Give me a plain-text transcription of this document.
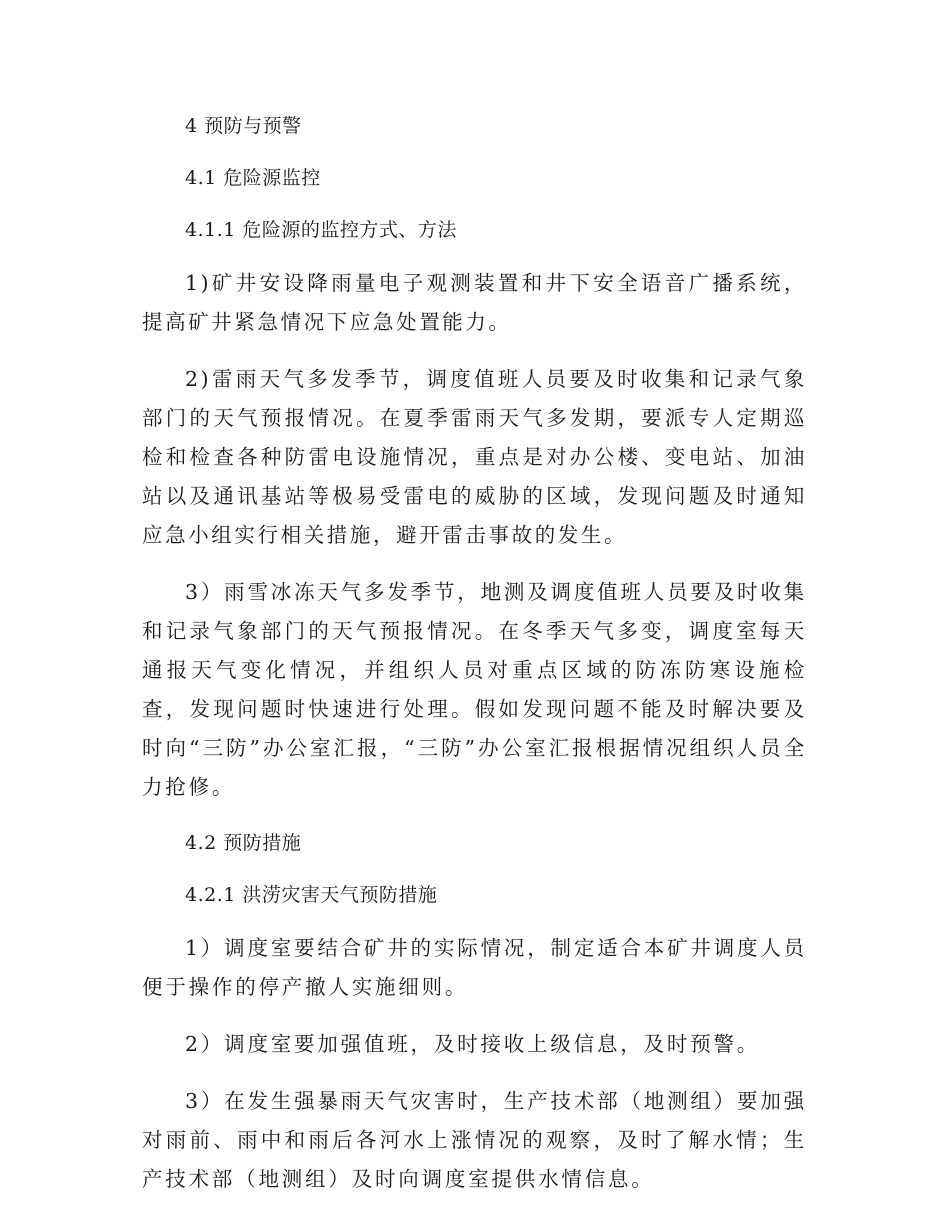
4 预防与预警
4.1 危险源监控
4.1.1 危险源的监控方式、方法

1)矿井安设降雨量电子观测装置和井下安全语音广播系统，提高矿井紧急情况下应急处置能力。

2)雷雨天气多发季节，调度值班人员要及时收集和记录气象部门的天气预报情况。在夏季雷雨天气多发期，要派专人定期巡检和检查各种防雷电设施情况，重点是对办公楼、变电站、加油站以及通讯基站等极易受雷电的威胁的区域，发现问题及时通知应急小组实行相关措施，避开雷击事故的发生。

3）雨雪冰冻天气多发季节，地测及调度值班人员要及时收集和记录气象部门的天气预报情况。在冬季天气多变，调度室每天通报天气变化情况，并组织人员对重点区域的防冻防寒设施检查，发现问题时快速进行处理。假如发现问题不能及时解决要及时向“三防”办公室汇报，“三防”办公室汇报根据情况组织人员全力抢修。

4.2 预防措施
4.2.1 洪涝灾害天气预防措施

1）调度室要结合矿井的实际情况，制定适合本矿井调度人员便于操作的停产撤人实施细则。

2）调度室要加强值班，及时接收上级信息，及时预警。

3）在发生强暴雨天气灾害时，生产技术部（地测组）要加强对雨前、雨中和雨后各河水上涨情况的观察，及时了解水情；生产技术部（地测组）及时向调度室提供水情信息。
